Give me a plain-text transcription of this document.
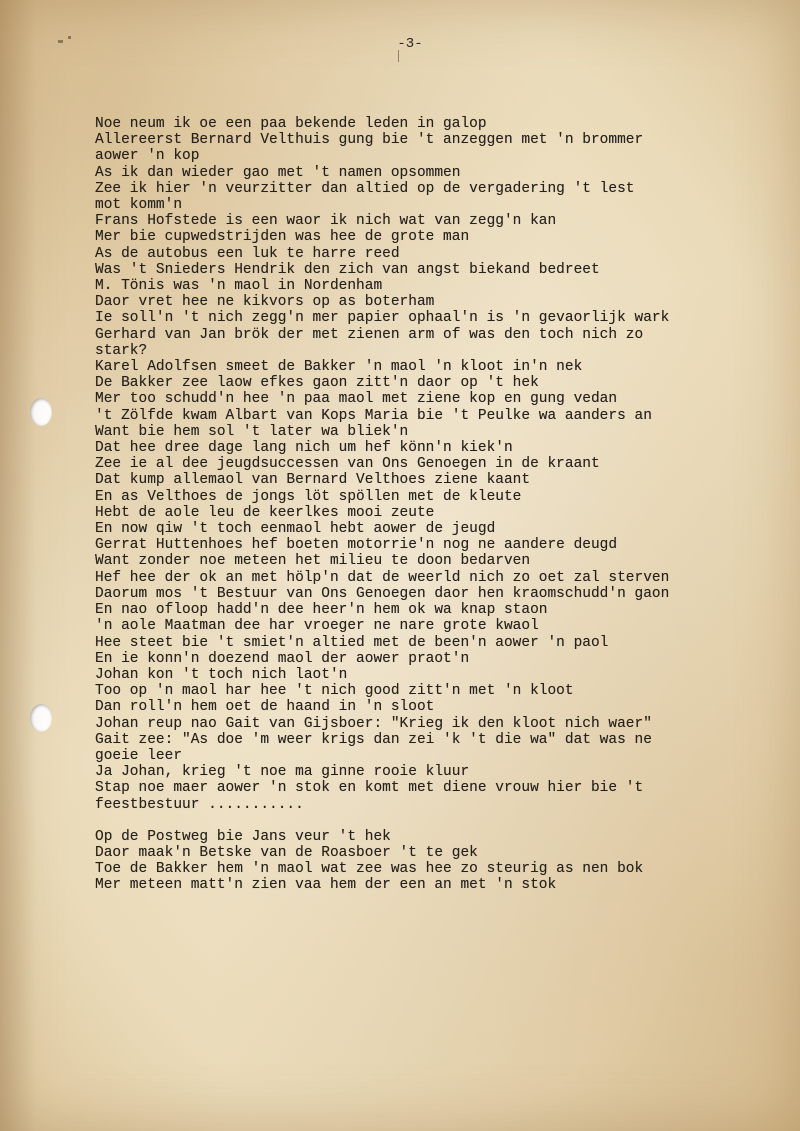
-3-

Noe neum ik oe een paa bekende leden in galop
Allereerst Bernard Velthuis gung bie 't anzeggen met 'n brommer
aower 'n kop
As ik dan wieder gao met 't namen opsommen
Zee ik hier 'n veurzitter dan altied op de vergadering 't lest
mot komm'n
Frans Hofstede is een waor ik nich wat van zegg'n kan
Mer bie cupwedstrijden was hee de grote man
As de autobus een luk te harre reed
Was 't Snieders Hendrik den zich van angst biekand bedreet
M. Tönis was 'n maol in Nordenham
Daor vret hee ne kikvors op as boterham
Ie soll'n 't nich zegg'n mer papier ophaal'n is 'n gevaorlijk wark
Gerhard van Jan brök der met zienen arm of was den toch nich zo
stark?
Karel Adolfsen smeet de Bakker 'n maol 'n kloot in'n nek
De Bakker zee laow efkes gaon zitt'n daor op 't hek
Mer too schudd'n hee 'n paa maol met ziene kop en gung vedan
't Zölfde kwam Albart van Kops Maria bie 't Peulke wa aanders an
Want bie hem sol 't later wa bliek'n
Dat hee dree dage lang nich um hef könn'n kiek'n
Zee ie al dee jeugdsuccessen van Ons Genoegen in de kraant
Dat kump allemaol van Bernard Velthoes ziene kaant
En as Velthoes de jongs löt spöllen met de kleute
Hebt de aole leu de keerlkes mooi zeute
En now qiw 't toch eenmaol hebt aower de jeugd
Gerrat Huttenhoes hef boeten motorrie'n nog ne aandere deugd
Want zonder noe meteen het milieu te doon bedarven
Hef hee der ok an met hölp'n dat de weerld nich zo oet zal sterven
Daorum mos 't Bestuur van Ons Genoegen daor hen kraomschudd'n gaon
En nao ofloop hadd'n dee heer'n hem ok wa knap staon
'n aole Maatman dee har vroeger ne nare grote kwaol
Hee steet bie 't smiet'n altied met de been'n aower 'n paol
En ie konn'n doezend maol der aower praot'n
Johan kon 't toch nich laot'n
Too op 'n maol har hee 't nich good zitt'n met 'n kloot
Dan roll'n hem oet de haand in 'n sloot
Johan reup nao Gait van Gijsboer: "Krieg ik den kloot nich waer"
Gait zee: "As doe 'm weer krigs dan zei 'k 't die wa" dat was ne
goeie leer
Ja Johan, krieg 't noe ma ginne rooie kluur
Stap noe maer aower 'n stok en komt met diene vrouw hier bie 't
feestbestuur ...........
Op de Postweg bie Jans veur 't hek
Daor maak'n Betske van de Roasboer 't te gek
Toe de Bakker hem 'n maol wat zee was hee zo steurig as nen bok
Mer meteen matt'n zien vaa hem der een an met 'n stok
